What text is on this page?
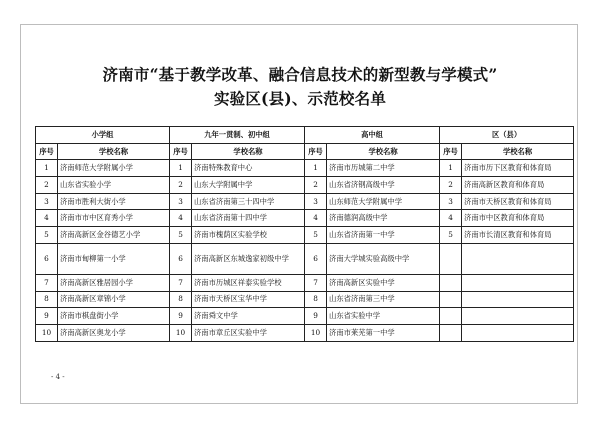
济南市“基于教学改革、融合信息技术的新型教与学模式”
实验区(县)、示范校名单
小学组		九年一贯制、初中组		高中组		区（县）	
序号	学校名称	序号	学校名称	序号	学校名称	序号	学校名称
1	济南师范大学附属小学	1	济南特殊教育中心	1	济南市历城第二中学	1	济南市历下区教育和体育局
2	山东省实验小学	2	山东大学附属中学	2	山东省济钢高级中学	2	济南高新区教育和体育局
3	济南市胜利大街小学	3	山东省济南第三十四中学	3	山东师范大学附属中学	3	济南市天桥区教育和体育局
4	济南市市中区育秀小学	4	山东省济南第十四中学	4	济南德润高级中学	4	济南市中区教育和体育局
5	济南高新区金谷德艺小学	5	济南市槐荫区实验学校	5	山东省济南第一中学	5	济南市长清区教育和体育局
6	济南市甸柳第一小学	6	济南高新区东城逸家初级中学	6	济南大学城实验高级中学		
7	济南高新区雅居园小学	7	济南市历城区祥泰实验学校	7	济南高新区实验中学		
8	济南高新区章锦小学	8	济南市天桥区宝华中学	8	山东省济南第三中学		
9	济南市棋盘街小学	9	济南舜文中学	9	山东省实验中学		
10	济南高新区奥龙小学	10	济南市章丘区实验中学	10	济南市莱芜第一中学		
- 4 -
